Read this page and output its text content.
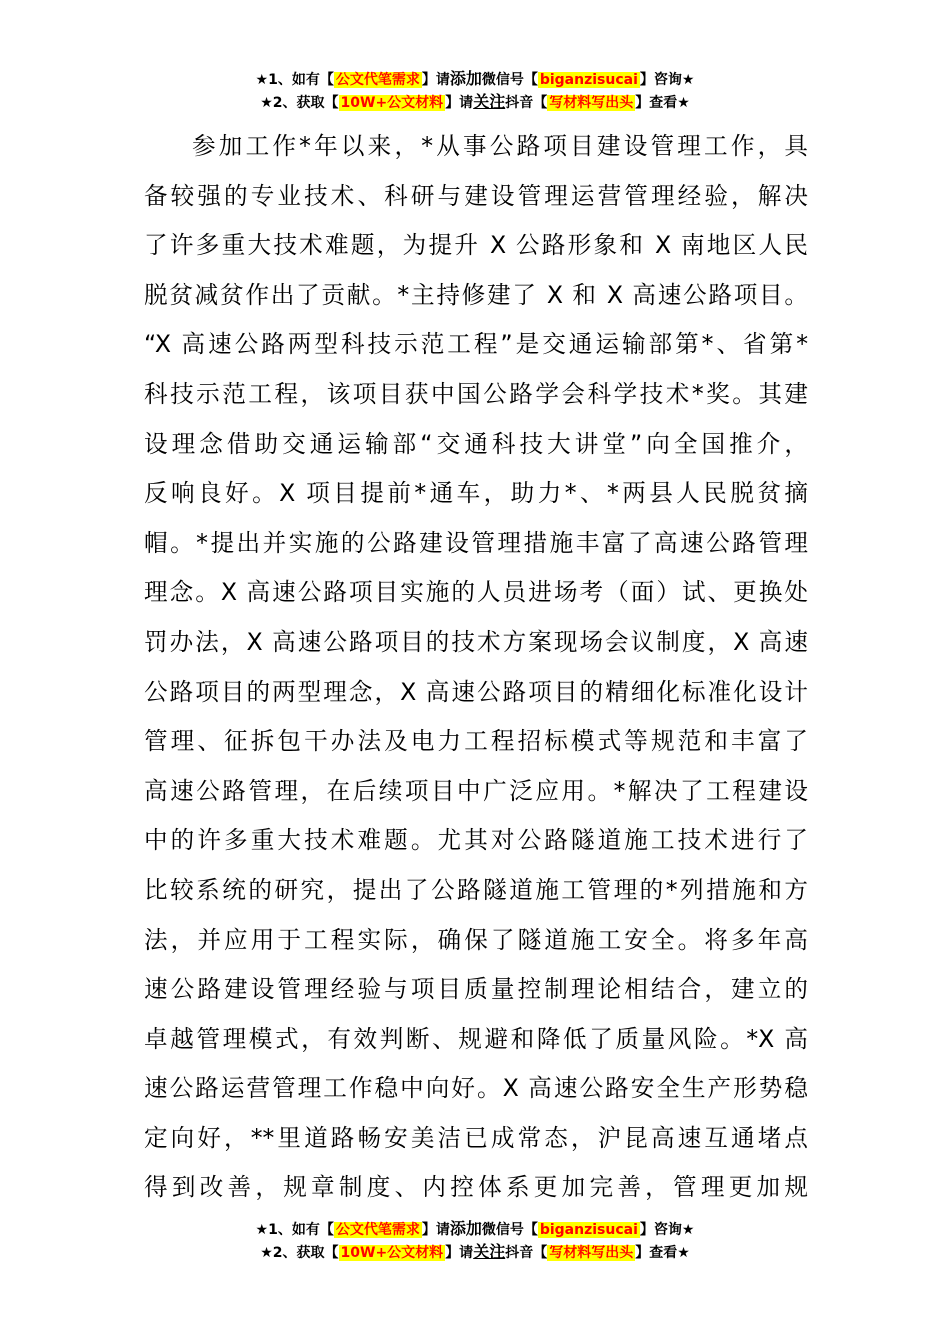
★1、如有【 公文代笔需求 】请添加微信号【 biganzisucai 】咨询★
★2、获取【 10W+公文材料 】请关注抖音【 写材料写出头 】查看★
参加工作*年以来，*从事公路项目建设管理工作，具
备较强的专业技术、科研与建设管理运营管理经验，解决
了许多重大技术难题，为提升 X 公路形象和 X 南地区人民
脱贫减贫作出了贡献。*主持修建了 X 和 X 高速公路项目。
“X 高速公路两型科技示范工程”是交通运输部第*、省第*
科技示范工程，该项目获中国公路学会科学技术*奖。其建
设理念借助交通运输部“交通科技大讲堂”向全国推介，
反响良好。X 项目提前*通车，助力*、*两县人民脱贫摘
帽。*提出并实施的公路建设管理措施丰富了高速公路管理
理念。X 高速公路项目实施的人员进场考（面）试、更换处
罚办法，X 高速公路项目的技术方案现场会议制度，X 高速
公路项目的两型理念，X 高速公路项目的精细化标准化设计
管理、征拆包干办法及电力工程招标模式等规范和丰富了
高速公路管理，在后续项目中广泛应用。*解决了工程建设
中的许多重大技术难题。尤其对公路隧道施工技术进行了
比较系统的研究，提出了公路隧道施工管理的*列措施和方
法，并应用于工程实际，确保了隧道施工安全。将多年高
速公路建设管理经验与项目质量控制理论相结合，建立的
卓越管理模式，有效判断、规避和降低了质量风险。*X 高
速公路运营管理工作稳中向好。X 高速公路安全生产形势稳
定向好，**里道路畅安美洁已成常态，沪昆高速互通堵点
得到改善，规章制度、内控体系更加完善，管理更加规
★1、如有【 公文代笔需求 】请添加微信号【 biganzisucai 】咨询★
★2、获取【 10W+公文材料 】请关注抖音【 写材料写出头 】查看★
